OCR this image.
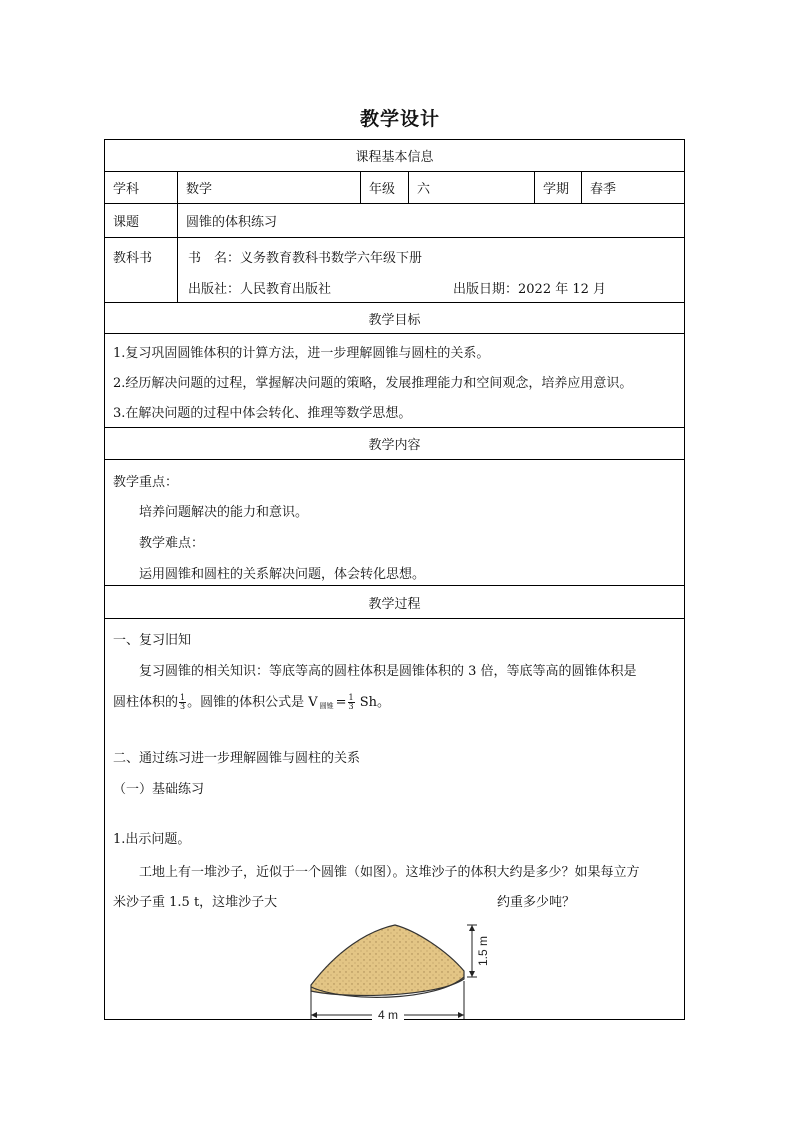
教学设计
课程基本信息
学科	数学	年级	六	学期	春季
课题	圆锥的体积练习
教科书	书　名：义务教育教科书数学六年级下册
出版社：人民教育出版社	出版日期：2022 年 12 月
教学目标
1.复习巩固圆锥体积的计算方法，进一步理解圆锥与圆柱的关系。
2.经历解决问题的过程，掌握解决问题的策略，发展推理能力和空间观念，培养应用意识。
3.在解决问题的过程中体会转化、推理等数学思想。
教学内容
教学重点：
培养问题解决的能力和意识。
教学难点：
运用圆锥和圆柱的关系解决问题，体会转化思想。
教学过程
一、复习旧知
复习圆锥的相关知识：等底等高的圆柱体积是圆锥体积的 3 倍，等底等高的圆锥体积是
圆柱体积的 $\frac{1}{3}$ 。圆锥的体积公式是 V $_{圆锥} = \frac{1}{3}$ Sh。
二、通过练习进一步理解圆锥与圆柱的关系
（一）基础练习
1.出示问题。
工地上有一堆沙子，近似于一个圆锥（如图）。这堆沙子的体积大约是多少？如果每立方
米沙子重 1.5 t，这堆沙子大	约重多少吨？
1.5 m
4 m
